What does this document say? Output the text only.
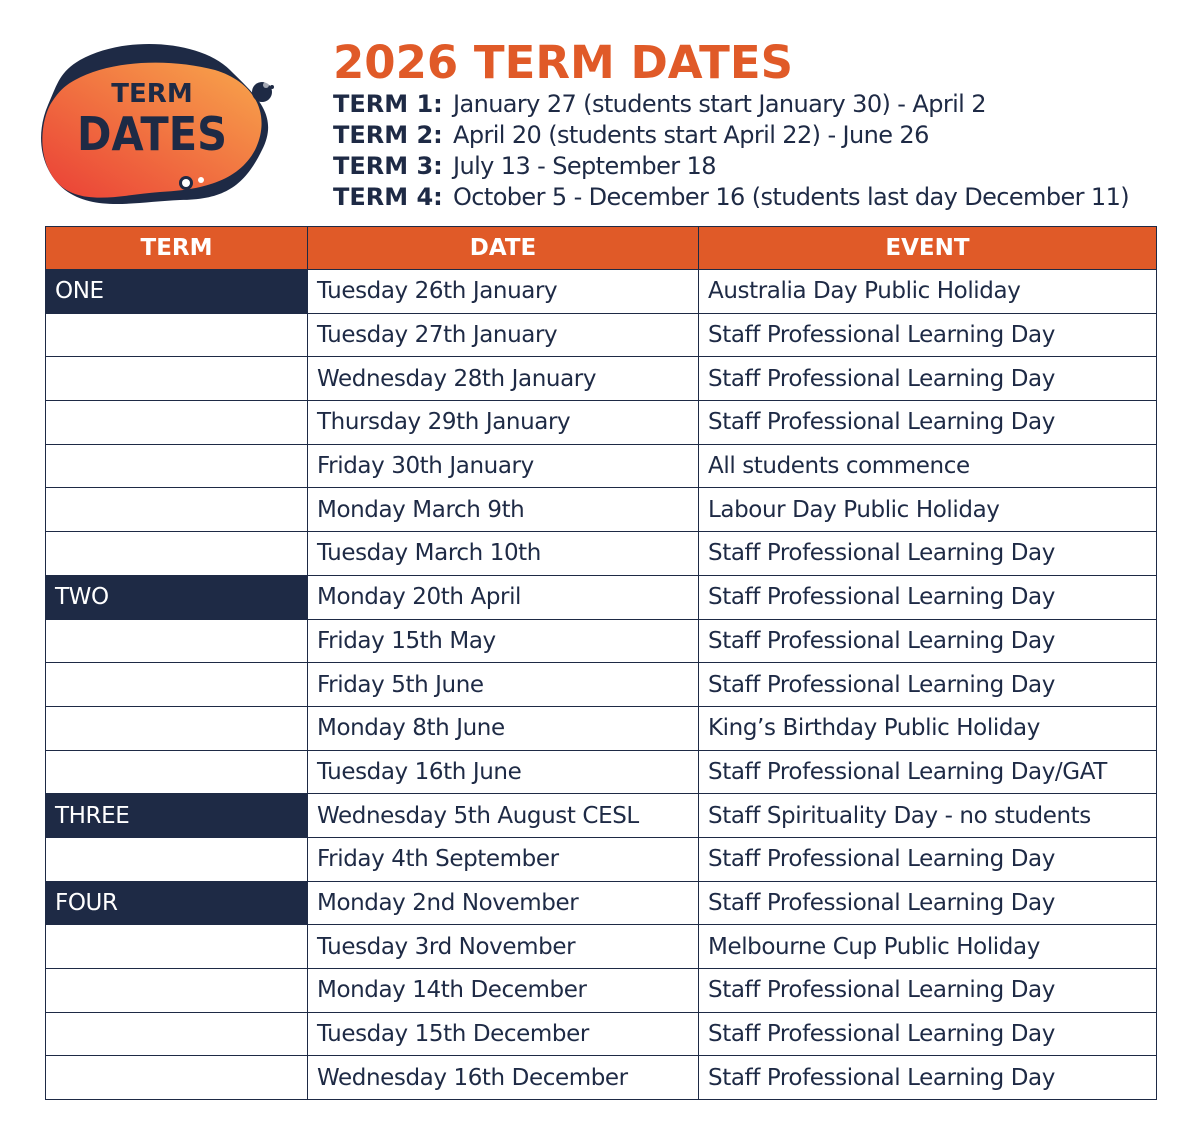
TERM
DATES
2026 TERM DATES
TERM 1: January 27 (students start January 30) - April 2
TERM 2: April 20 (students start April 22) - June 26
TERM 3: July 13 - September 18
TERM 4: October 5 - December 16 (students last day December 11)
TERM	DATE	EVENT
ONE	Tuesday 26th January	Australia Day Public Holiday
	Tuesday 27th January	Staff Professional Learning Day
	Wednesday 28th January	Staff Professional Learning Day
	Thursday 29th January	Staff Professional Learning Day
	Friday 30th January	All students commence
	Monday March 9th	Labour Day Public Holiday
	Tuesday March 10th	Staff Professional Learning Day
TWO	Monday 20th April	Staff Professional Learning Day
	Friday 15th May	Staff Professional Learning Day
	Friday 5th June	Staff Professional Learning Day
	Monday 8th June	King’s Birthday Public Holiday
	Tuesday 16th June	Staff Professional Learning Day/GAT
THREE	Wednesday 5th August CESL	Staff Spirituality Day - no students
	Friday 4th September	Staff Professional Learning Day
FOUR	Monday 2nd November	Staff Professional Learning Day
	Tuesday 3rd November	Melbourne Cup Public Holiday
	Monday 14th December	Staff Professional Learning Day
	Tuesday 15th December	Staff Professional Learning Day
	Wednesday 16th December	Staff Professional Learning Day
